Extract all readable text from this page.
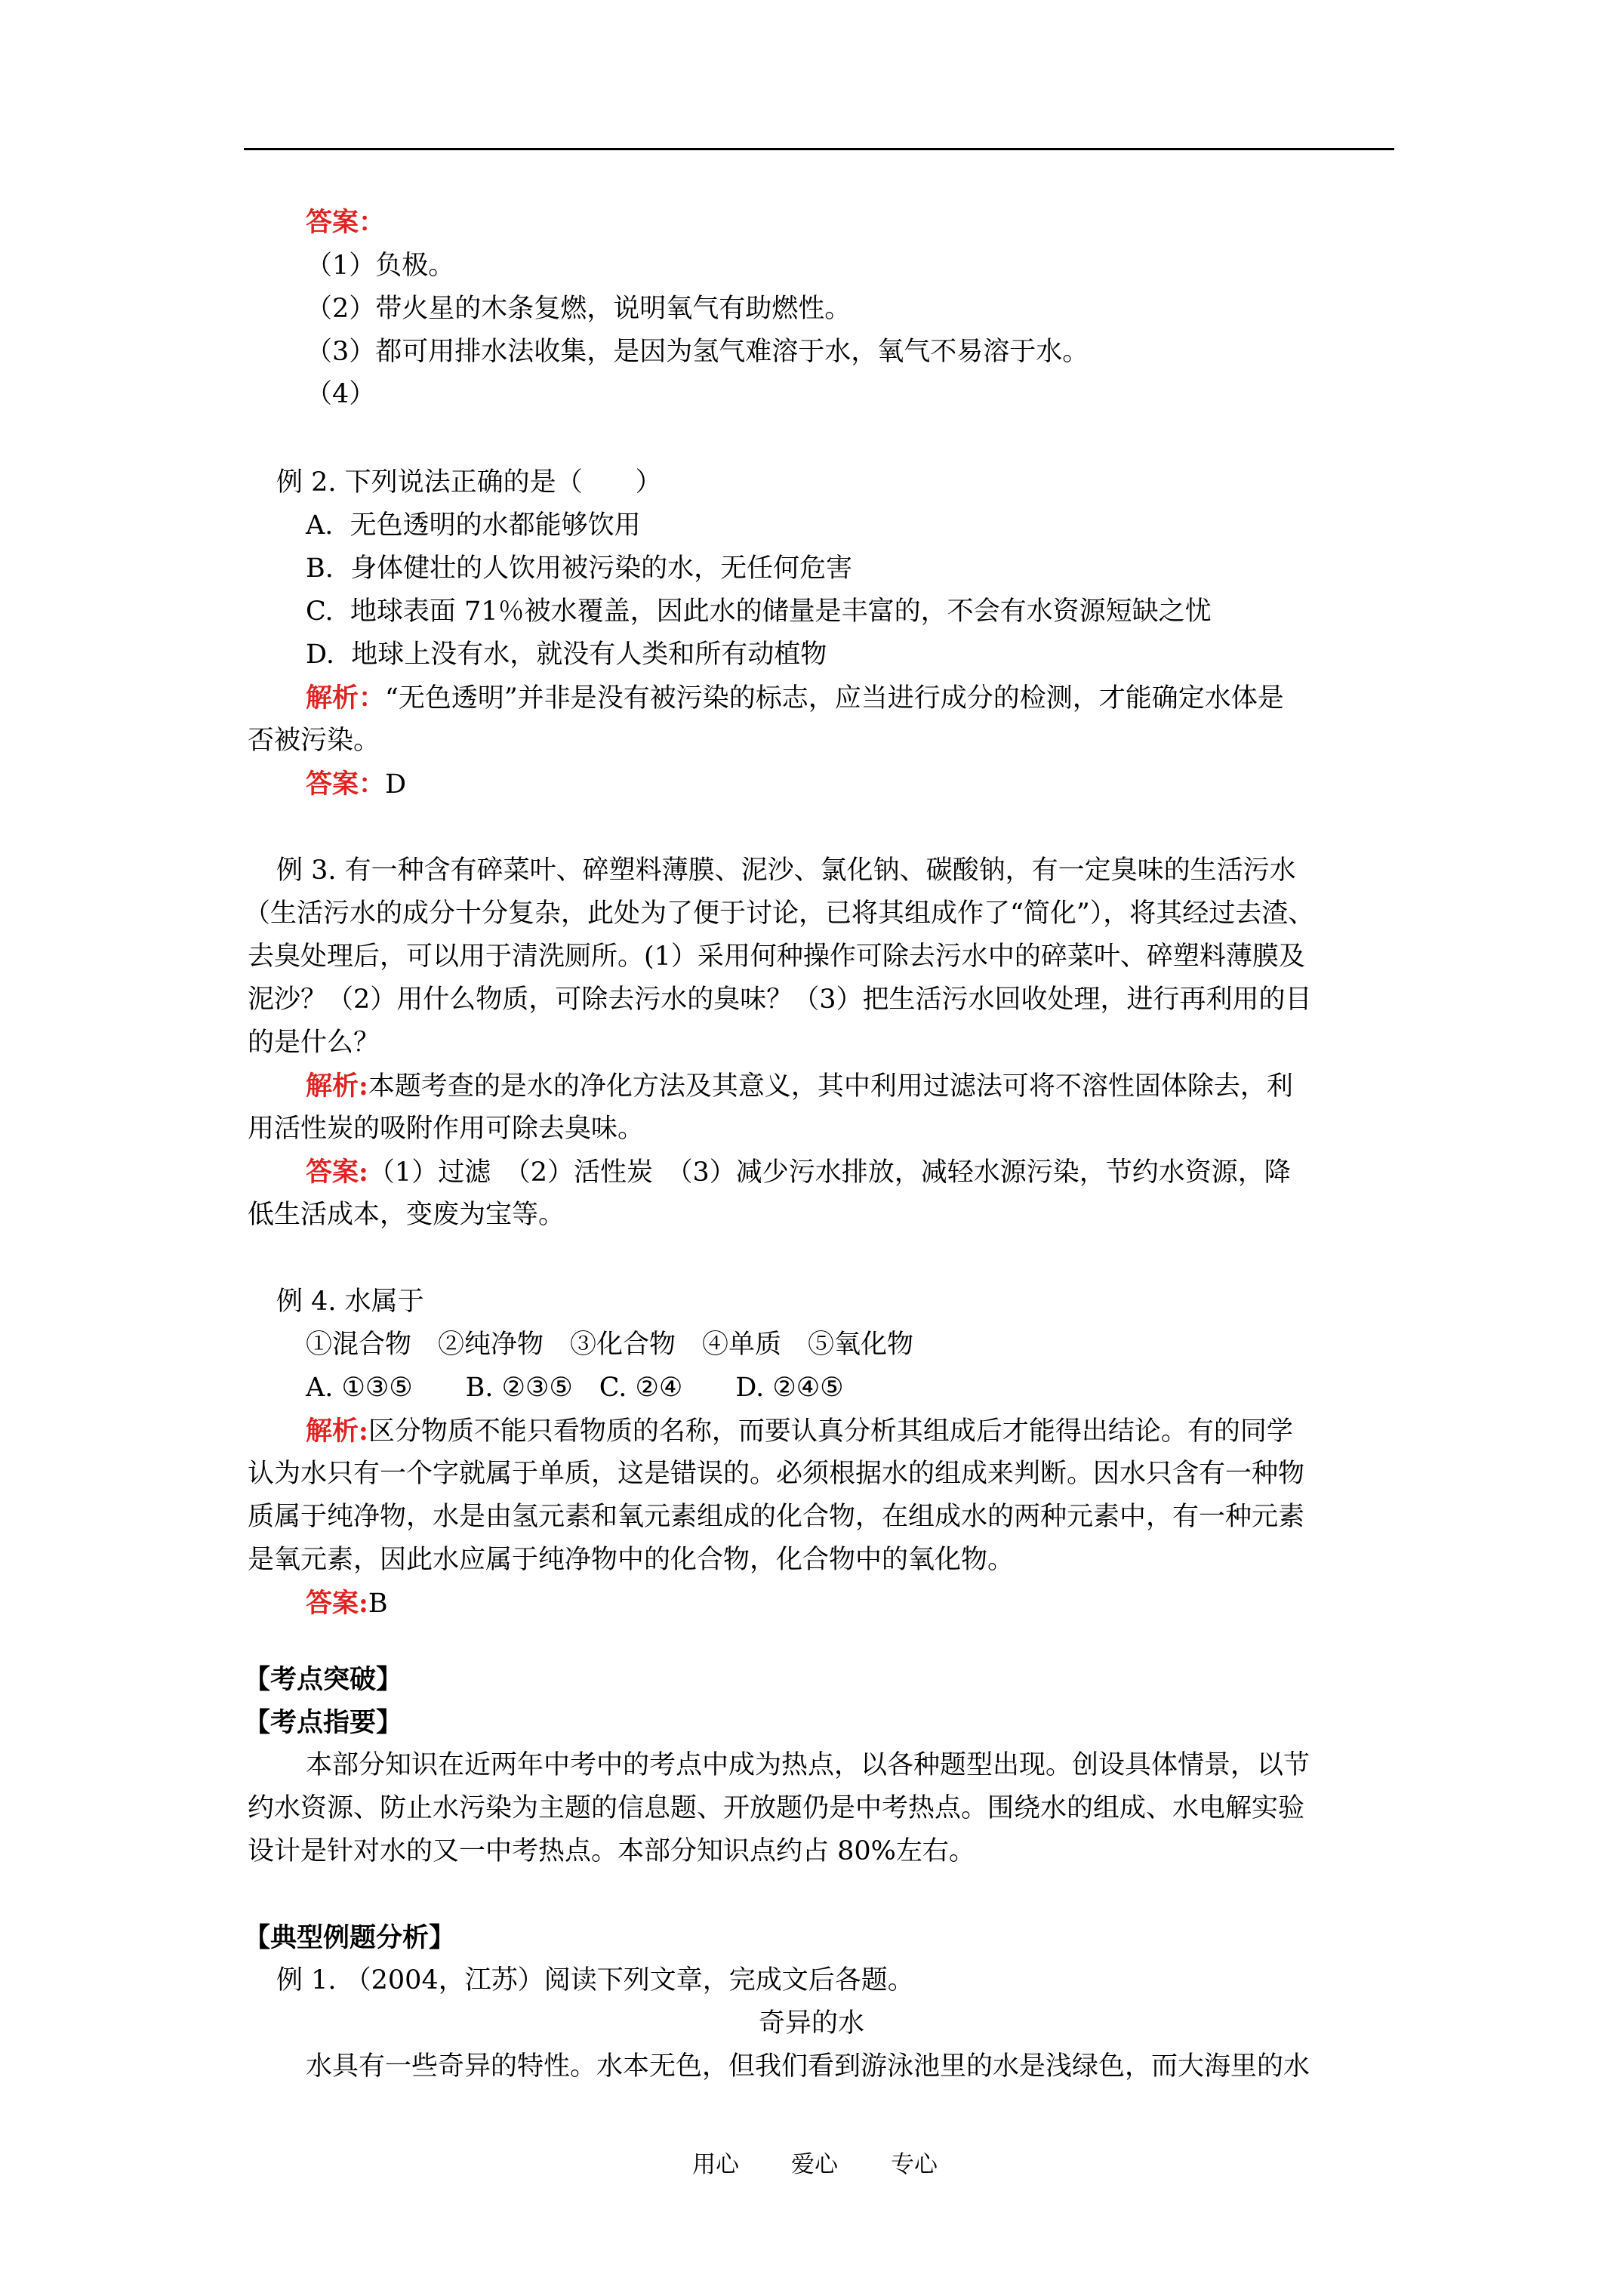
答案：
（1）负极。
（2）带火星的木条复燃，说明氧气有助燃性。
（3）都可用排水法收集，是因为氢气难溶于水，氧气不易溶于水。
（4）
例 2. 下列说法正确的是（　　）
A.  无色透明的水都能够饮用
B.  身体健壮的人饮用被污染的水，无任何危害
C.  地球表面 71％被水覆盖，因此水的储量是丰富的，不会有水资源短缺之忧
D.  地球上没有水，就没有人类和所有动植物
解析：“无色透明”并非是没有被污染的标志，应当进行成分的检测，才能确定水体是
否被污染。
答案：D
例 3. 有一种含有碎菜叶、碎塑料薄膜、泥沙、氯化钠、碳酸钠，有一定臭味的生活污水
（生活污水的成分十分复杂，此处为了便于讨论，已将其组成作了“简化”），将其经过去渣、
去臭处理后，可以用于清洗厕所。(1）采用何种操作可除去污水中的碎菜叶、碎塑料薄膜及
泥沙？（2）用什么物质，可除去污水的臭味？（3）把生活污水回收处理，进行再利用的目
的是什么？
解析:本题考查的是水的净化方法及其意义，其中利用过滤法可将不溶性固体除去，利
用活性炭的吸附作用可除去臭味。
答案:（1）过滤　（2）活性炭　（3）减少污水排放，减轻水源污染，节约水资源，降
低生活成本，变废为宝等。
例 4. 水属于
①混合物　②纯净物　③化合物　④单质　⑤氧化物
A. ①③⑤　　B. ②③⑤　C. ②④　　D. ②④⑤
解析:区分物质不能只看物质的名称，而要认真分析其组成后才能得出结论。有的同学
认为水只有一个字就属于单质，这是错误的。必须根据水的组成来判断。因水只含有一种物
质属于纯净物，水是由氢元素和氧元素组成的化合物，在组成水的两种元素中，有一种元素
是氧元素，因此水应属于纯净物中的化合物，化合物中的氧化物。
答案:B
【考点突破】
【考点指要】
本部分知识在近两年中考中的考点中成为热点，以各种题型出现。创设具体情景，以节
约水资源、防止水污染为主题的信息题、开放题仍是中考热点。围绕水的组成、水电解实验
设计是针对水的又一中考热点。本部分知识点约占 80%左右。
【典型例题分析】
例 1. （2004，江苏）阅读下列文章，完成文后各题。
奇异的水
水具有一些奇异的特性。水本无色，但我们看到游泳池里的水是浅绿色，而大海里的水
用心 爱心 专心
